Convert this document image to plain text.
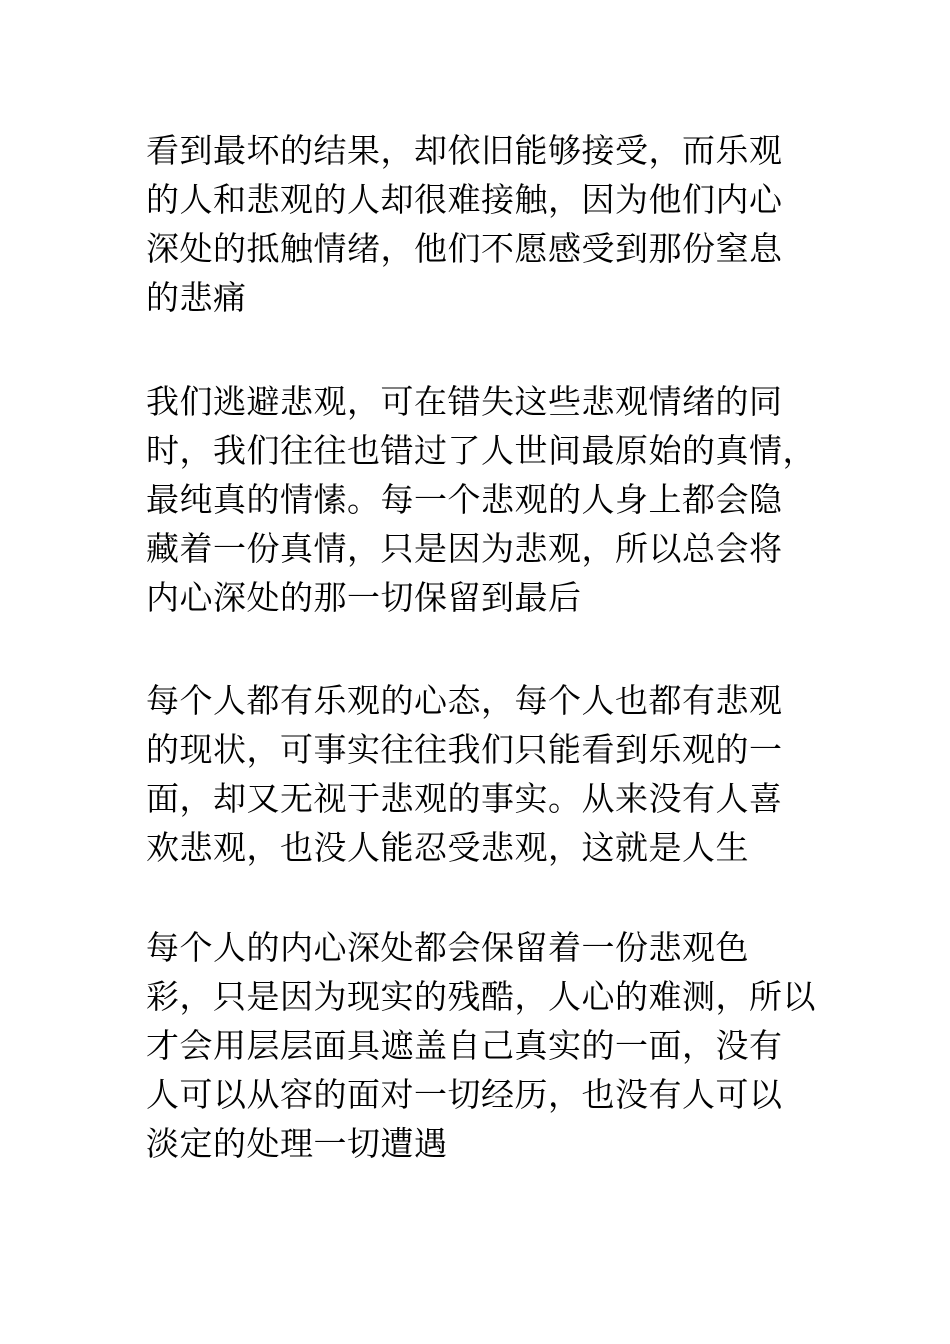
看到最坏的结果，却依旧能够接受，而乐观
的人和悲观的人却很难接触，因为他们内心
深处的抵触情绪，他们不愿感受到那份窒息
的悲痛
我们逃避悲观，可在错失这些悲观情绪的同
时，我们往往也错过了人世间最原始的真情，
最纯真的情愫。每一个悲观的人身上都会隐
藏着一份真情，只是因为悲观，所以总会将
内心深处的那一切保留到最后
每个人都有乐观的心态，每个人也都有悲观
的现状，可事实往往我们只能看到乐观的一
面，却又无视于悲观的事实。从来没有人喜
欢悲观，也没人能忍受悲观，这就是人生
每个人的内心深处都会保留着一份悲观色
彩，只是因为现实的残酷，人心的难测，所以
才会用层层面具遮盖自己真实的一面，没有
人可以从容的面对一切经历，也没有人可以
淡定的处理一切遭遇
